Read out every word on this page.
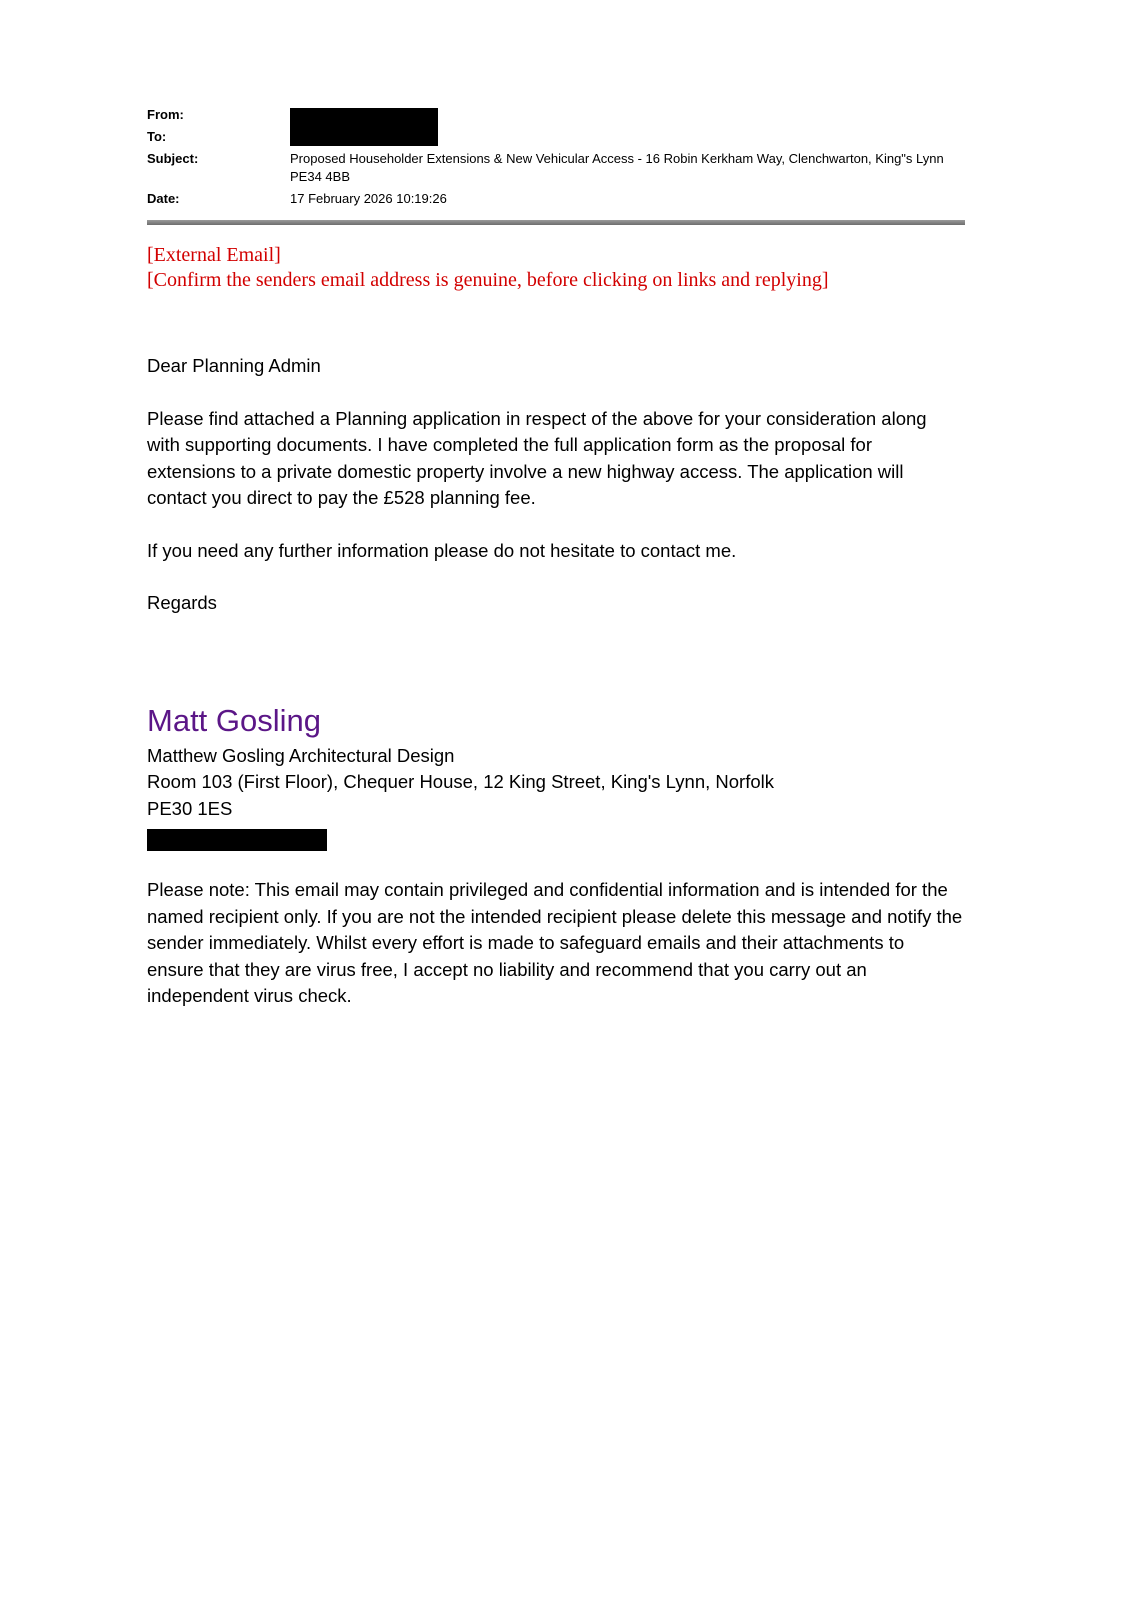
From:
To:
Subject:	Proposed Householder Extensions & New Vehicular Access - 16 Robin Kerkham Way, Clenchwarton, King"s Lynn PE34 4BB
Date:	17 February 2026 10:19:26
[External Email]
[Confirm the senders email address is genuine, before clicking on links and replying]

Dear Planning Admin

Please find attached a Planning application in respect of the above for your consideration along with supporting documents. I have completed the full application form as the proposal for extensions to a private domestic property involve a new highway access. The application will contact you direct to pay the £528 planning fee.

If you need any further information please do not hesitate to contact me.

Regards

Matt Gosling
Matthew Gosling Architectural Design
Room 103 (First Floor), Chequer House, 12 King Street, King's Lynn, Norfolk
PE30 1ES

Please note: This email may contain privileged and confidential information and is intended for the named recipient only. If you are not the intended recipient please delete this message and notify the sender immediately. Whilst every effort is made to safeguard emails and their attachments to ensure that they are virus free, I accept no liability and recommend that you carry out an independent virus check.
